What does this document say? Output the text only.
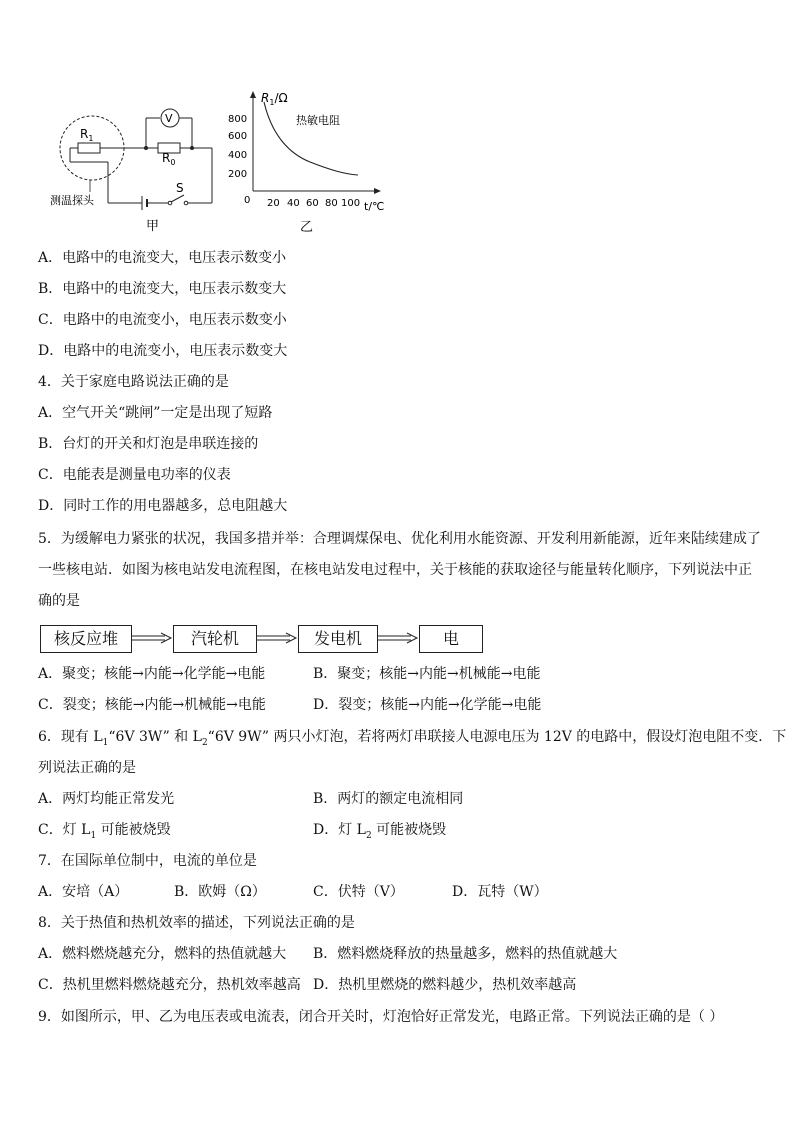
$R_1$
$R_0$
V
S
测温探头
甲
800
600
400
200
0 20 40 60 80 100
$R_1/\Omega$
热敏电阻
t/℃
乙
A．电路中的电流变大，电压表示数变小
B．电路中的电流变大，电压表示数变大
C．电路中的电流变小，电压表示数变小
D．电路中的电流变小，电压表示数变大
4．关于家庭电路说法正确的是
A．空气开关“跳闸”一定是出现了短路
B．台灯的开关和灯泡是串联连接的
C．电能表是测量电功率的仪表
D．同时工作的用电器越多，总电阻越大
5．为缓解电力紧张的状况，我国多措并举：合理调煤保电、优化利用水能资源、开发利用新能源，近年来陆续建成了
一些核电站．如图为核电站发电流程图，在核电站发电过程中，关于核能的获取途径与能量转化顺序，下列说法中正
确的是
核反应堆	汽轮机	发电机	电
A．聚变；核能→内能→化学能→电能	B．聚变；核能→内能→机械能→电能
C．裂变；核能→内能→机械能→电能	D．裂变；核能→内能→化学能→电能
6．现有 $L_1“6V$ 3W” 和 $L_2“6V$ 9W” 两只小灯泡，若将两灯串联接人电源电压为 12V 的电路中，假设灯泡电阻不变．下
列说法正确的是
A．两灯均能正常发光	B．两灯的额定电流相同
C．灯 $L_1$ 可能被烧毁	D．灯 $L_2$ 可能被烧毁
7．在国际单位制中，电流的单位是
A．安培（A）	B．欧姆（Ω）	C．伏特（V）	D．瓦特（W）
8．关于热值和热机效率的描述，下列说法正确的是
A．燃料燃烧越充分，燃料的热值就越大 B．燃料燃烧释放的热量越多，燃料的热值就越大
C．热机里燃料燃烧越充分，热机效率越高 D．热机里燃烧的燃料越少，热机效率越高
9．如图所示，甲、乙为电压表或电流表，闭合开关时，灯泡恰好正常发光，电路正常。下列说法正确的是（ ）
